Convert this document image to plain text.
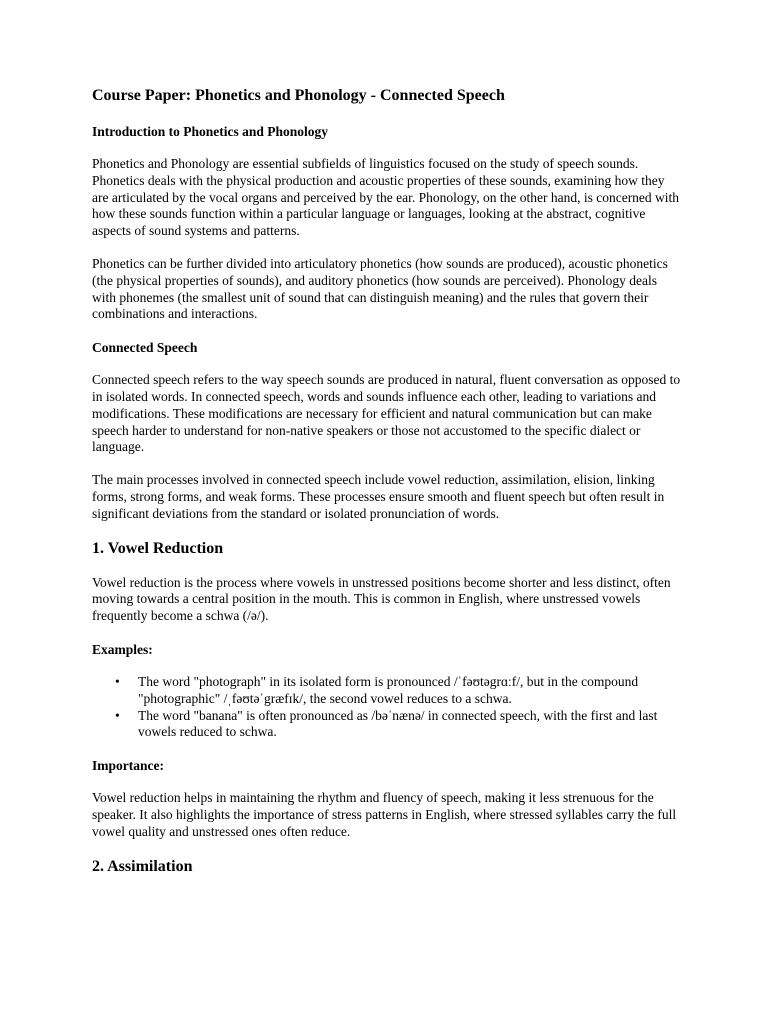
Course Paper: Phonetics and Phonology - Connected Speech
Introduction to Phonetics and Phonology

Phonetics and Phonology are essential subfields of linguistics focused on the study of speech sounds. Phonetics deals with the physical production and acoustic properties of these sounds, examining how they are articulated by the vocal organs and perceived by the ear. Phonology, on the other hand, is concerned with how these sounds function within a particular language or languages, looking at the abstract, cognitive aspects of sound systems and patterns.

Phonetics can be further divided into articulatory phonetics (how sounds are produced), acoustic phonetics (the physical properties of sounds), and auditory phonetics (how sounds are perceived). Phonology deals with phonemes (the smallest unit of sound that can distinguish meaning) and the rules that govern their combinations and interactions.

Connected Speech

Connected speech refers to the way speech sounds are produced in natural, fluent conversation as opposed to in isolated words. In connected speech, words and sounds influence each other, leading to variations and modifications. These modifications are necessary for efficient and natural communication but can make speech harder to understand for non-native speakers or those not accustomed to the specific dialect or language.

The main processes involved in connected speech include vowel reduction, assimilation, elision, linking forms, strong forms, and weak forms. These processes ensure smooth and fluent speech but often result in significant deviations from the standard or isolated pronunciation of words.

1. Vowel Reduction

Vowel reduction is the process where vowels in unstressed positions become shorter and less distinct, often moving towards a central position in the mouth. This is common in English, where unstressed vowels frequently become a schwa (/ə/).

Examples:
• The word "photograph" in its isolated form is pronounced /ˈfəʊtəgrɑːf/, but in the compound "photographic" /ˌfəʊtəˈgræfɪk/, the second vowel reduces to a schwa.
• The word "banana" is often pronounced as /bəˈnænə/ in connected speech, with the first and last vowels reduced to schwa.
Importance:

Vowel reduction helps in maintaining the rhythm and fluency of speech, making it less strenuous for the speaker. It also highlights the importance of stress patterns in English, where stressed syllables carry the full vowel quality and unstressed ones often reduce.

2. Assimilation
